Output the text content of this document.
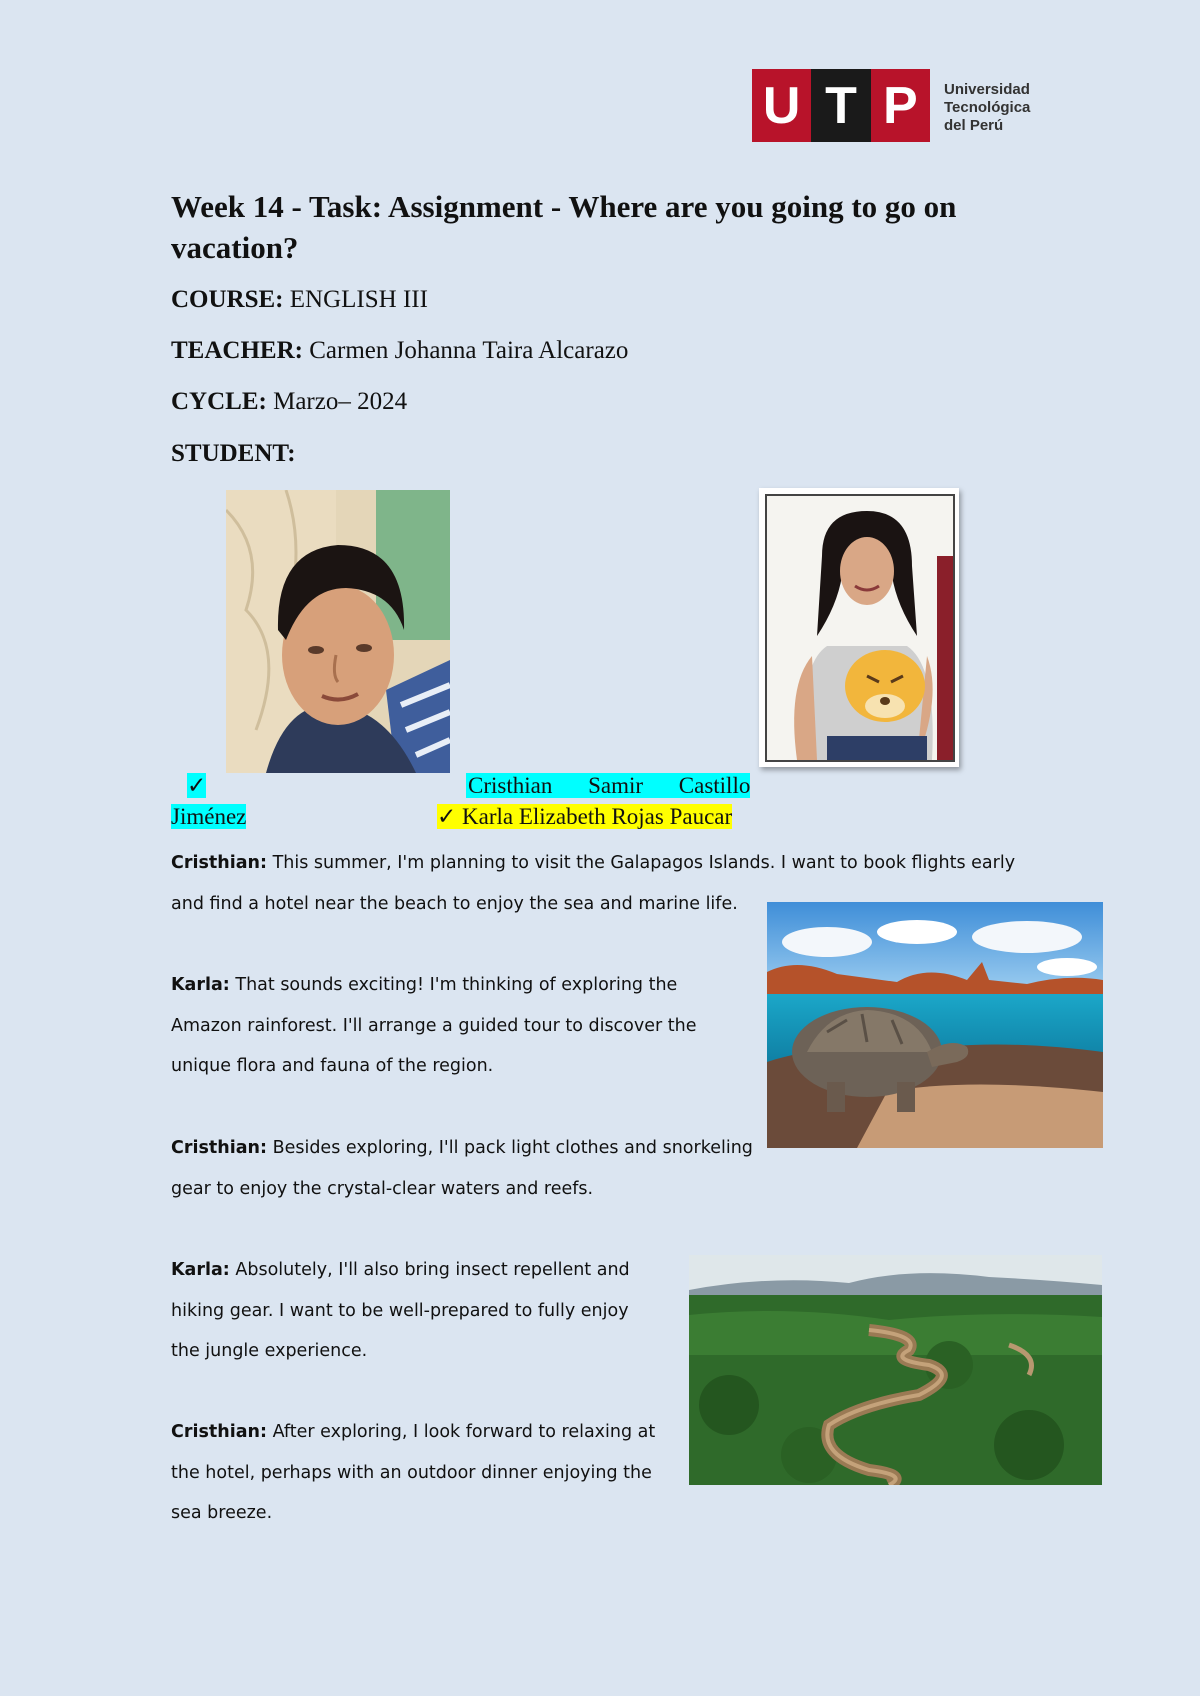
U T P	Universidad
Tecnológica
del Perú
Week 14 - Task: Assignment - Where are you going to go on vacation?
COURSE: ENGLISH III
TEACHER: Carmen Johanna Taira Alcarazo
CYCLE: Marzo– 2024
STUDENT:
✓	Cristhian Samir Castillo
Jiménez	✓ Karla Elizabeth Rojas Paucar
Cristhian: This summer, I'm planning to visit the Galapagos Islands. I want to book flights early
and find a hotel near the beach to enjoy the sea and marine life.
Karla: That sounds exciting! I'm thinking of exploring the
Amazon rainforest. I'll arrange a guided tour to discover the
unique flora and fauna of the region.
Cristhian: Besides exploring, I'll pack light clothes and snorkeling
gear to enjoy the crystal-clear waters and reefs.
Karla: Absolutely, I'll also bring insect repellent and
hiking gear. I want to be well-prepared to fully enjoy
the jungle experience.
Cristhian: After exploring, I look forward to relaxing at
the hotel, perhaps with an outdoor dinner enjoying the
sea breeze.
